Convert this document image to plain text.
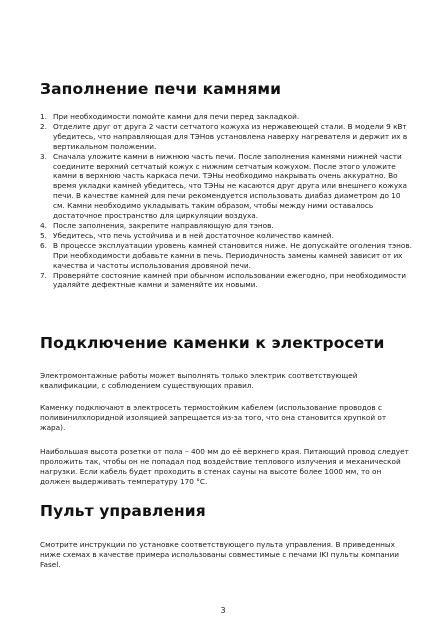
Заполнение печи камнями
1. При необходимости помойте камни для печи перед закладкой.
2. Отделите друг от друга 2 части сетчатого кожуха из нержавеющей стали. В модели 9 кВт убедитесь, что направляющая для ТЭНов установлена наверху нагревателя и держит их в вертикальном положении.
3. Сначала уложите камни в нижнюю часть печи. После заполнения камнями нижней части соедините верхний сетчатый кожух с нижним сетчатым кожухом. После этого уложите камни в верхнюю часть каркаса печи. ТЭНы необходимо накрывать очень аккуратно. Во время укладки камней убедитесь, что ТЭНы не касаются друг друга или внешнего кожуха печи. В качестве камней для печи рекомендуется использовать диабаз диаметром до 10 см. Камни необходимо укладывать таким образом, чтобы между ними оставалось достаточное пространство для циркуляции воздуха.
4. После заполнения, закрепите направляющую для тэнов.
5. Убедитесь, что печь устойчива и в ней достаточное количество камней.
6. В процессе эксплуатации уровень камней становится ниже. Не допускайте оголения тэнов. При необходимости добавьте камни в печь. Периодичность замены камней зависит от их качества и частоты использования дровяной печи.
7. Проверяйте состояние камней при обычном использовании ежегодно, при необходимости удаляйте дефектные камни и заменяйте их новыми.
Подключение каменки к электросети

Электромонтажные работы может выполнять только электрик соответствующей квалификации, с соблюдением существующих правил.

Каменку подключают в электросеть термостойким кабелем (использование проводов с поливинилхлоридной изоляцией запрещается из-за того, что она становится хрупкой от жара).

Наибольшая высота розетки от пола – 400 мм до её верхнего края. Питающий провод следует проложить так, чтобы он не попадал под воздействие теплового излучения и механической нагрузки. Если кабель будет проходить в стенах сауны на высоте более 1000 мм, то он должен выдерживать температуру 170 °С.

Пульт управления

Смотрите инструкции по установке соответствующего пульта управления. В приведенных ниже схемах в качестве примера использованы совместимые с печами IKI пульты компании Fasel.

3
